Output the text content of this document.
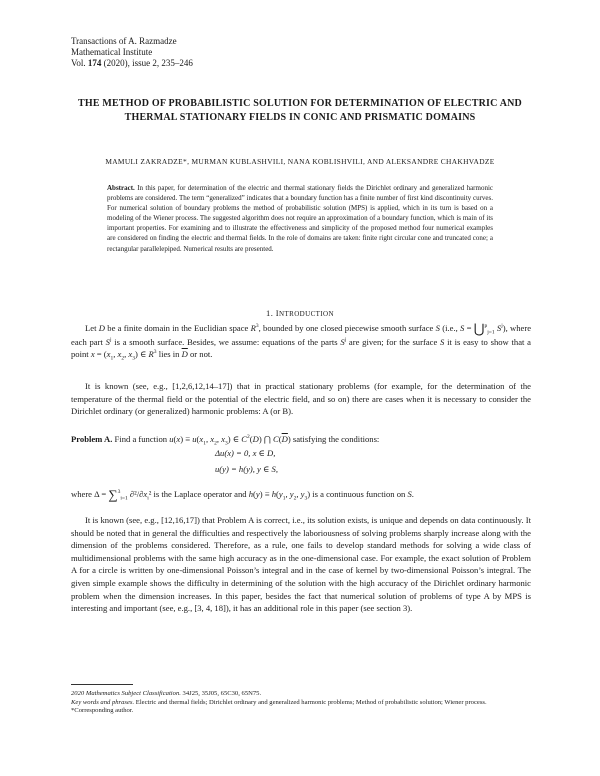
Transactions of A. Razmadze
Mathematical Institute
Vol. 174 (2020), issue 2, 235–246
THE METHOD OF PROBABILISTIC SOLUTION FOR DETERMINATION OF ELECTRIC AND THERMAL STATIONARY FIELDS IN CONIC AND PRISMATIC DOMAINS
MAMULI ZAKRADZE*, MURMAN KUBLASHVILI, NANA KOBLISHVILI, AND ALEKSANDRE CHAKHVADZE
Abstract. In this paper, for determination of the electric and thermal stationary fields the Dirichlet ordinary and generalized harmonic problems are considered. The term “generalized” indicates that a boundary function has a finite number of first kind discontinuity curves. For numerical solution of boundary problems the method of probabilistic solution (MPS) is applied, which in its turn is based on a modeling of the Wiener process. The suggested algorithm does not require an approximation of a boundary function, which is main of its important properties. For examining and to illustrate the effectiveness and simplicity of the proposed method four numerical examples are considered on finding the electric and thermal fields. In the role of domains are taken: finite right circular cone and truncated cone; a rectangular parallelepiped. Numerical results are presented.
1. INTRODUCTION
Let D be a finite domain in the Euclidian space $R^3$, bounded by one closed piecewise smooth surface S (i.e., S = ⋃$^p_{j=1}$ $S^j$), where each part $S^j$ is a smooth surface. Besides, we assume: equations of the parts $S^j$ are given; for the surface S it is easy to show that a point $x = (x_1$, $x_2$, $x_3$) ∈ $R^3$ lies in $\overline{D}$ or not.
It is known (see, e.g., [1,2,6,12,14–17]) that in practical stationary problems (for example, for the determination of the temperature of the thermal field or the potential of the electric field, and so on) there are cases when it is necessary to consider the Dirichlet ordinary (or generalized) harmonic problems: A (or B).
Problem A. Find a function $u(x) \equiv u(x_1$, $x_2$, $x_3$) ∈ $C^2(D)$ ⋂ $C(\overline{D})$ satisfying the conditions:
Δu(x) = 0, x ∈ D,
u(y) = h(y), y ∈ S,
where Δ = ∑$^3_{i=1}$ $\partial^2/\partial x_i^2$ is the Laplace operator and $h(y) \equiv h(y_1$, $y_2$, $y_3$) is a continuous function on S.
It is known (see, e.g., [12,16,17]) that Problem A is correct, i.e., its solution exists, is unique and depends on data continuously. It should be noted that in general the difficulties and respectively the laboriousness of solving problems sharply increase along with the dimension of the problems considered. Therefore, as a rule, one fails to develop standard methods for solving a wide class of multidimensional problems with the same high accuracy as in the one-dimensional case. For example, the exact solution of Problem A for a circle is written by one-dimensional Poisson’s integral and in the case of kernel by two-dimensional Poisson’s integral. The given simple example shows the difficulty in determining of the solution with the high accuracy of the Dirichlet ordinary harmonic problem when the dimension increases. In this paper, besides the fact that numerical solution of problems of type A by MPS is interesting and important (see, e.g., [3, 4, 18]), it has an additional role in this paper (see section 3).
2020 Mathematics Subject Classification. 34J25, 35J05, 65C30, 65N75.
Key words and phrases. Electric and thermal fields; Dirichlet ordinary and generalized harmonic problems; Method of probabilistic solution; Wiener process.
*Corresponding author.
